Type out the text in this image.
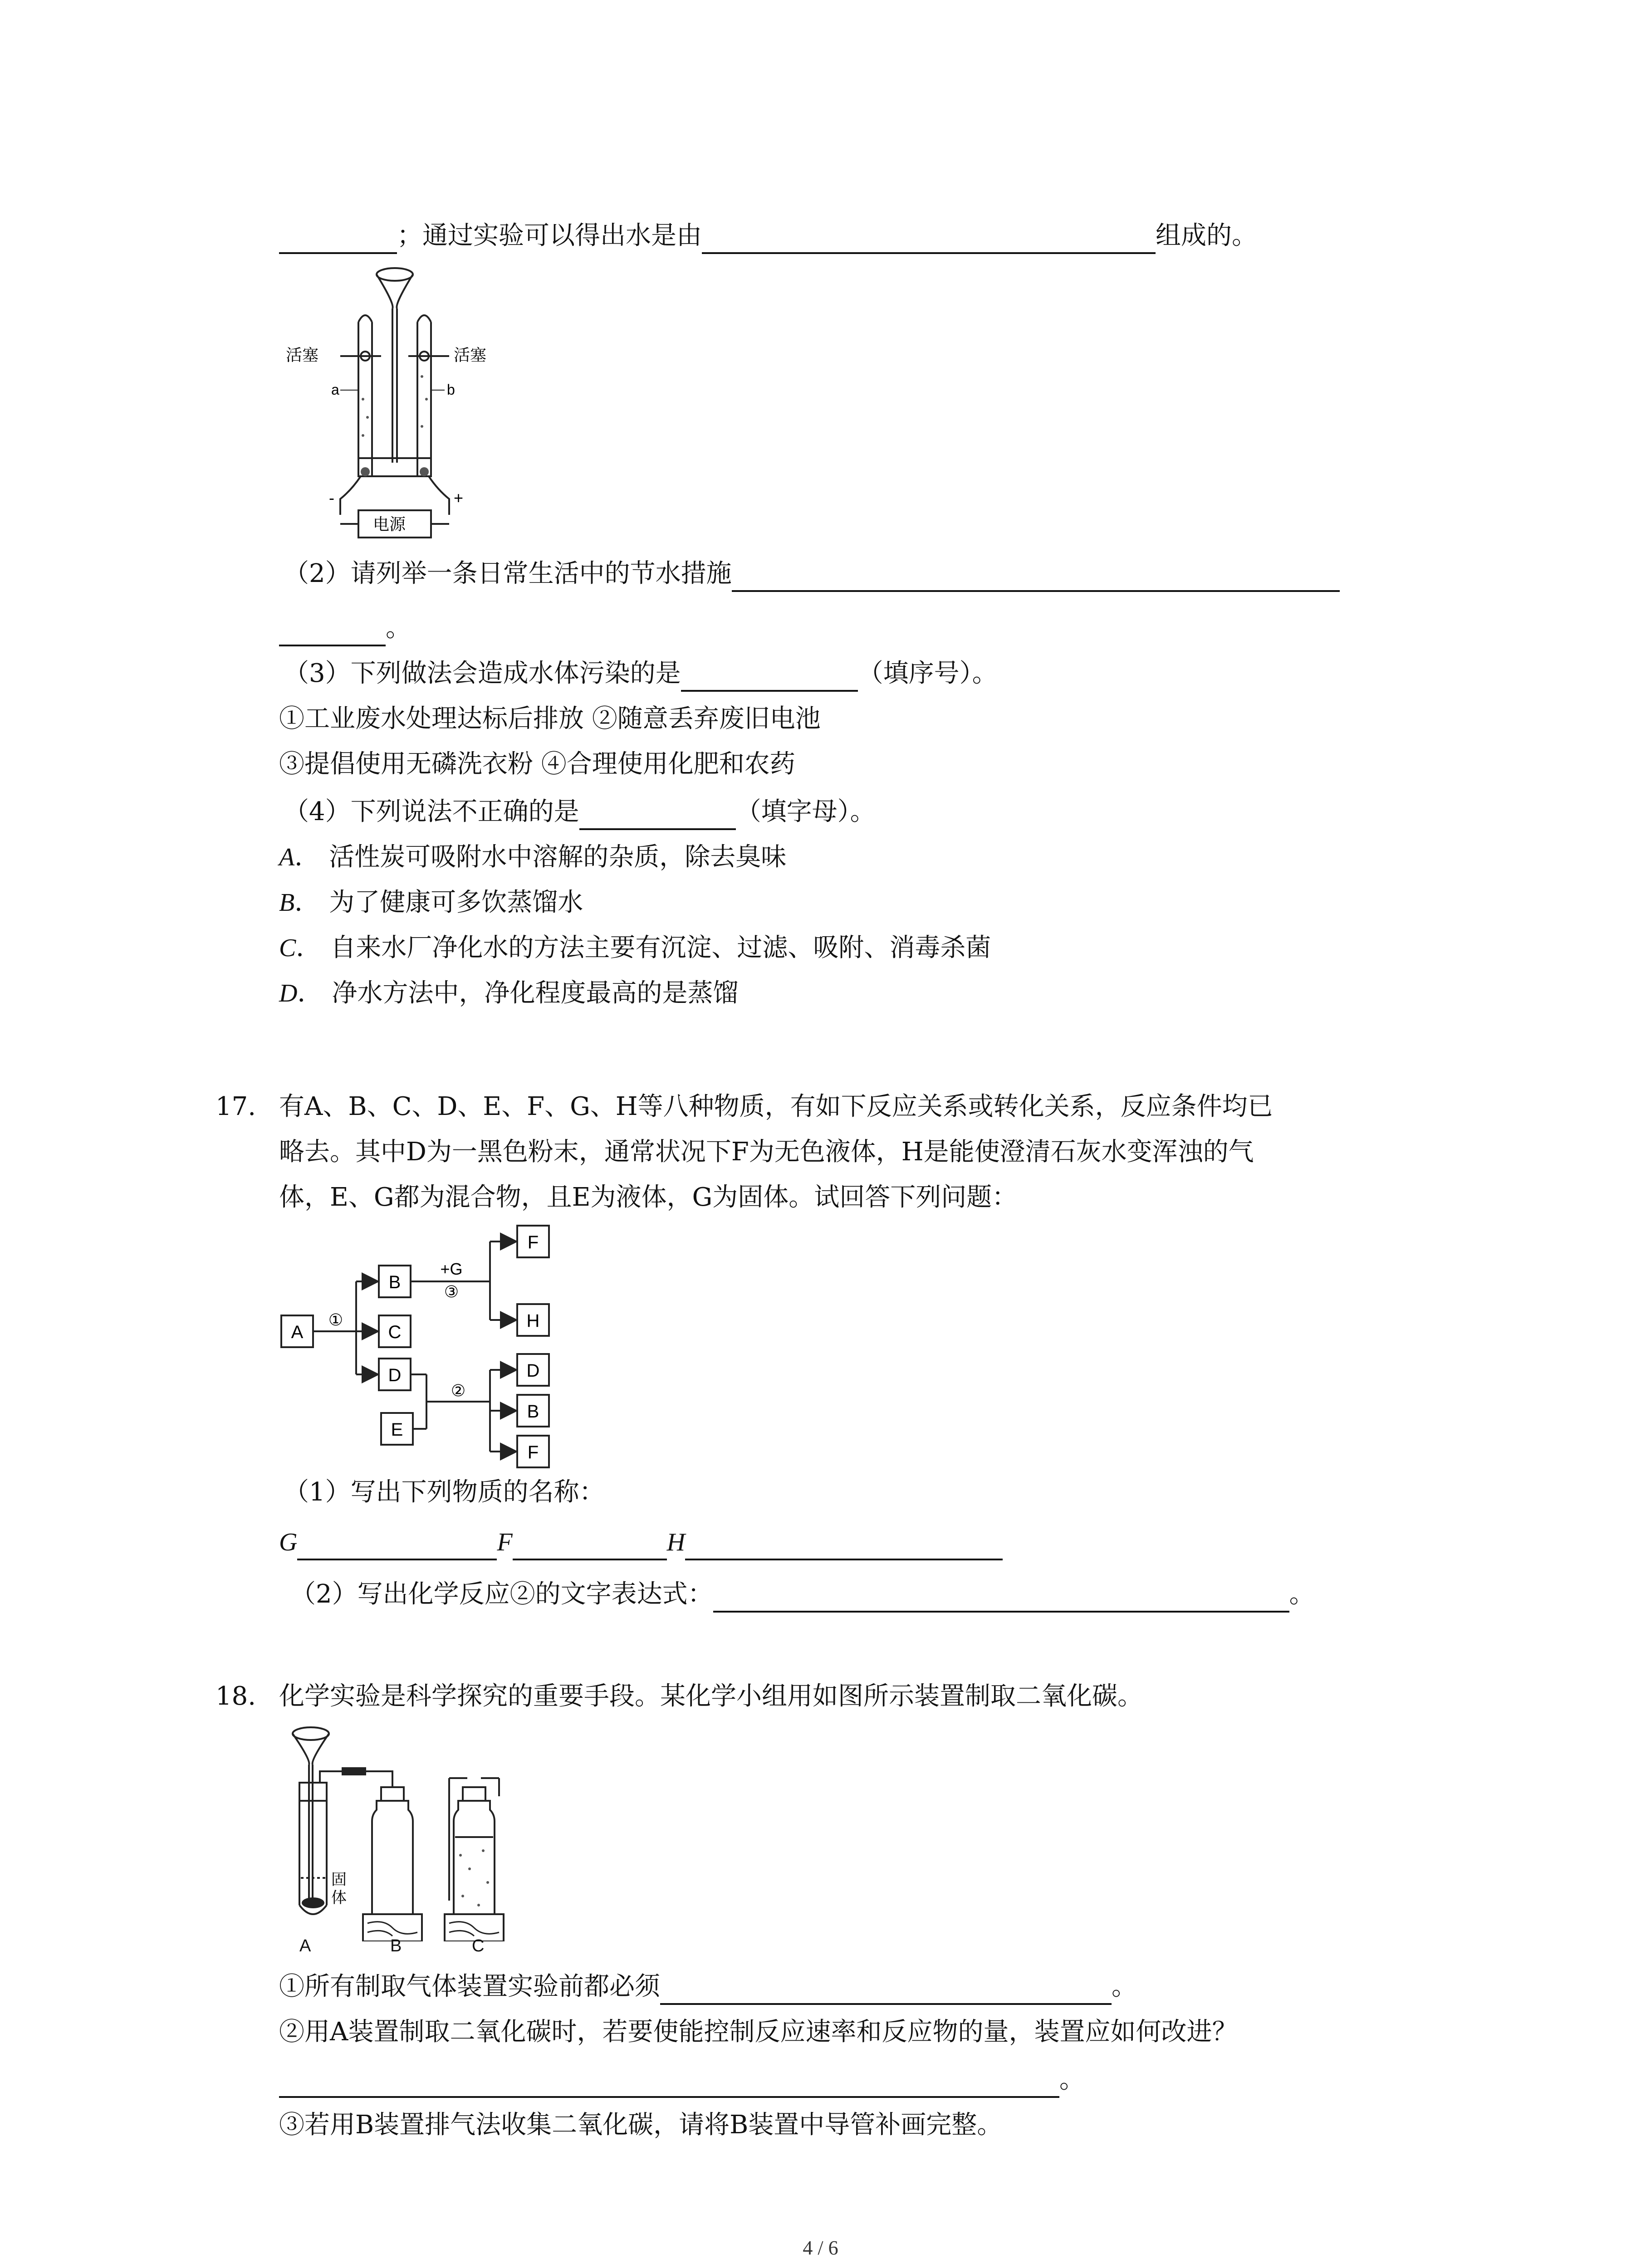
；通过实验可以得出水是由	组成的。
活塞	活塞
a	b
-	+
电源
（2）请列举一条日常生活中的节水措施
。
（3）下列做法会造成水体污染的是	（填序号）。
①工业废水处理达标后排放 ②随意丢弃废旧电池
③提倡使用无磷洗衣粉 ④合理使用化肥和农药
（4）下列说法不正确的是	（填字母）。
A． 活性炭可吸附水中溶解的杂质，除去臭味
B． 为了健康可多饮蒸馏水
C． 自来水厂净化水的方法主要有沉淀、过滤、吸附、消毒杀菌
D． 净水方法中，净化程度最高的是蒸馏
17. 有A、B、C、D、E、F、G、H等八种物质，有如下反应关系或转化关系，反应条件均已
略去。其中D为一黑色粉末，通常状况下F为无色液体，H是能使澄清石灰水变浑浊的气
体，E、G都为混合物，且E为液体，G为固体。试回答下列问题：
A
B
C
D
E
F
H
D
B
F
①
+G
③
②
（1）写出下列物质的名称：
G	F	H
（2）写出化学反应②的文字表达式：	。
18. 化学实验是科学探究的重要手段。某化学小组用如图所示装置制取二氧化碳。
固
体
A	B	C
①所有制取气体装置实验前都必须	。
②用A装置制取二氧化碳时，若要使能控制反应速率和反应物的量，装置应如何改进？
。
③若用B装置排气法收集二氧化碳，请将B装置中导管补画完整。
4 / 6
